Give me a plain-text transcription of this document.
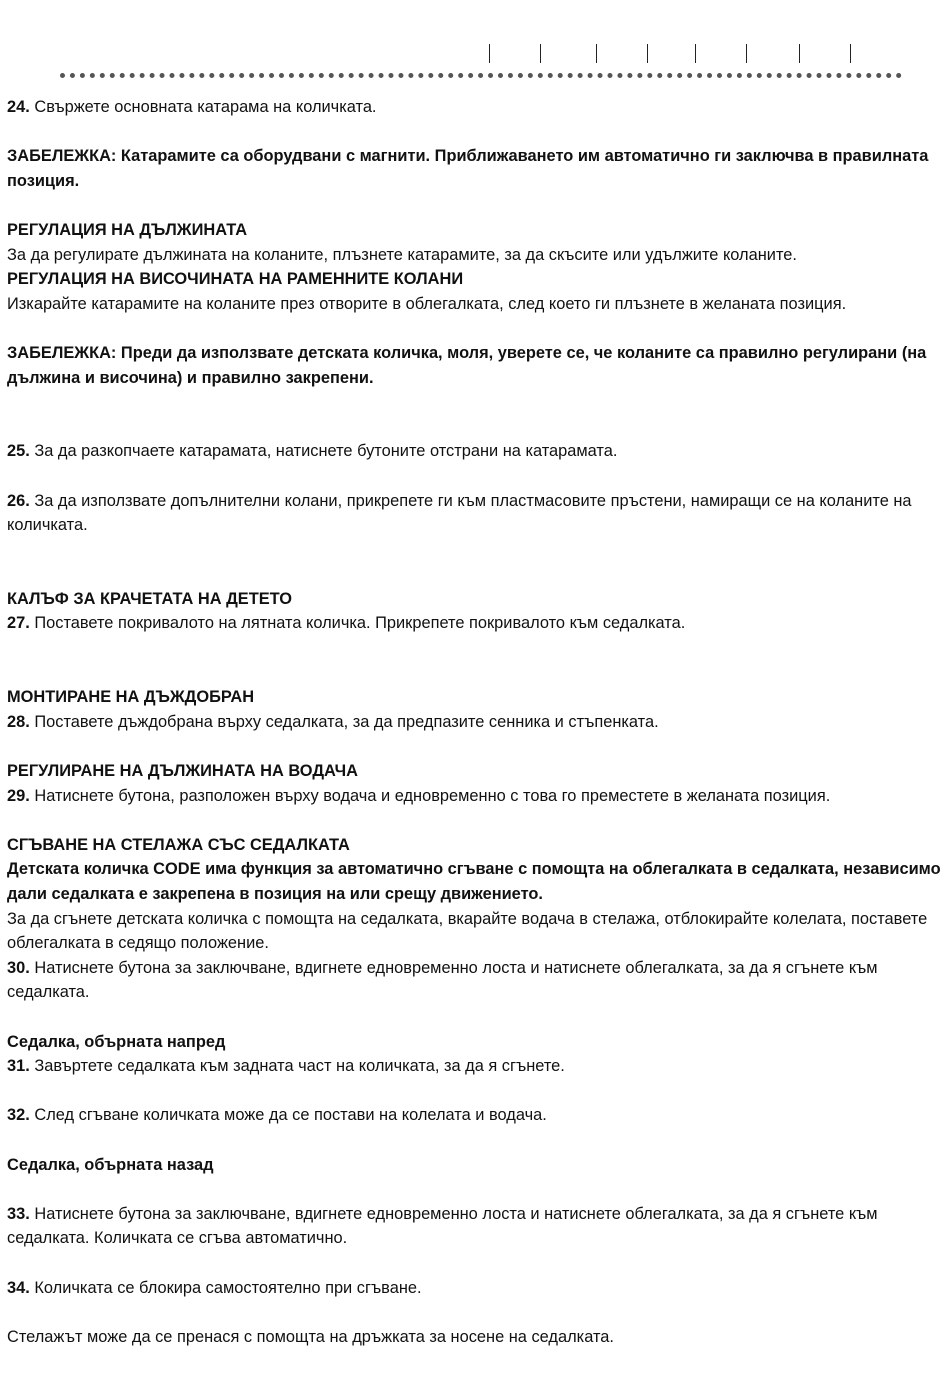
24. Свържете основната катарама на количката.

ЗАБЕЛЕЖКА: Катарамите са оборудвани с магнити. Приближаването им автоматично ги заключва в правилната позиция.

РЕГУЛАЦИЯ НА ДЪЛЖИНАТА

За да регулирате дължината на коланите, плъзнете катарамите, за да скъсите или удължите коланите.

РЕГУЛАЦИЯ НА ВИСОЧИНАТА НА РАМЕННИТЕ КОЛАНИ

Изкарайте катарамите на коланите през отворите в облегалката, след което ги плъзнете в желаната позиция.

ЗАБЕЛЕЖКА: Преди да използвате детската количка, моля, уверете се, че коланите са правилно регулирани (на дължина и височина) и правилно закрепени.

25. За да разкопчаете катарамата, натиснете бутоните отстрани на катарамата.

26. За да използвате допълнителни колани, прикрепете ги към пластмасовите пръстени, намиращи се на коланите на количката.

КАЛЪФ ЗА КРАЧЕТАТА НА ДЕТЕТО

27. Поставете покривалото на лятната количка. Прикрепете покривалото към седалката.

МОНТИРАНЕ НА ДЪЖДОБРАН

28. Поставете дъждобрана върху седалката, за да предпазите сенника и стъпенката.

РЕГУЛИРАНЕ НА ДЪЛЖИНАТА НА ВОДАЧА

29. Натиснете бутона, разположен върху водача и едновременно с това го преместете в желаната позиция.

СГЪВАНЕ НА СТЕЛАЖА СЪС СЕДАЛКАТА

Детската количка CODE има функция за автоматично сгъване с помощта на облегалката в седалката, независимо дали седалката е закрепена в позиция на или срещу движението.

За да сгънете детската количка с помощта на седалката, вкарайте водача в стелажа, отблокирайте колелата, поставете облегалката в седящо положение.

30. Натиснете бутона за заключване, вдигнете едновременно лоста и натиснете облегалката, за да я сгънете към седалката.

Седалка, обърната напред

31. Завъртете седалката към задната част на количката, за да я сгънете.

32. След сгъване количката може да се постави на колелата и водача.

Седалка, обърната назад

33. Натиснете бутона за заключване, вдигнете едновременно лоста и натиснете облегалката, за да я сгънете към седалката. Количката се сгъва автоматично.

34. Количката се блокира самостоятелно при сгъване.

Стелажът може да се пренася с помощта на дръжката за носене на седалката.
